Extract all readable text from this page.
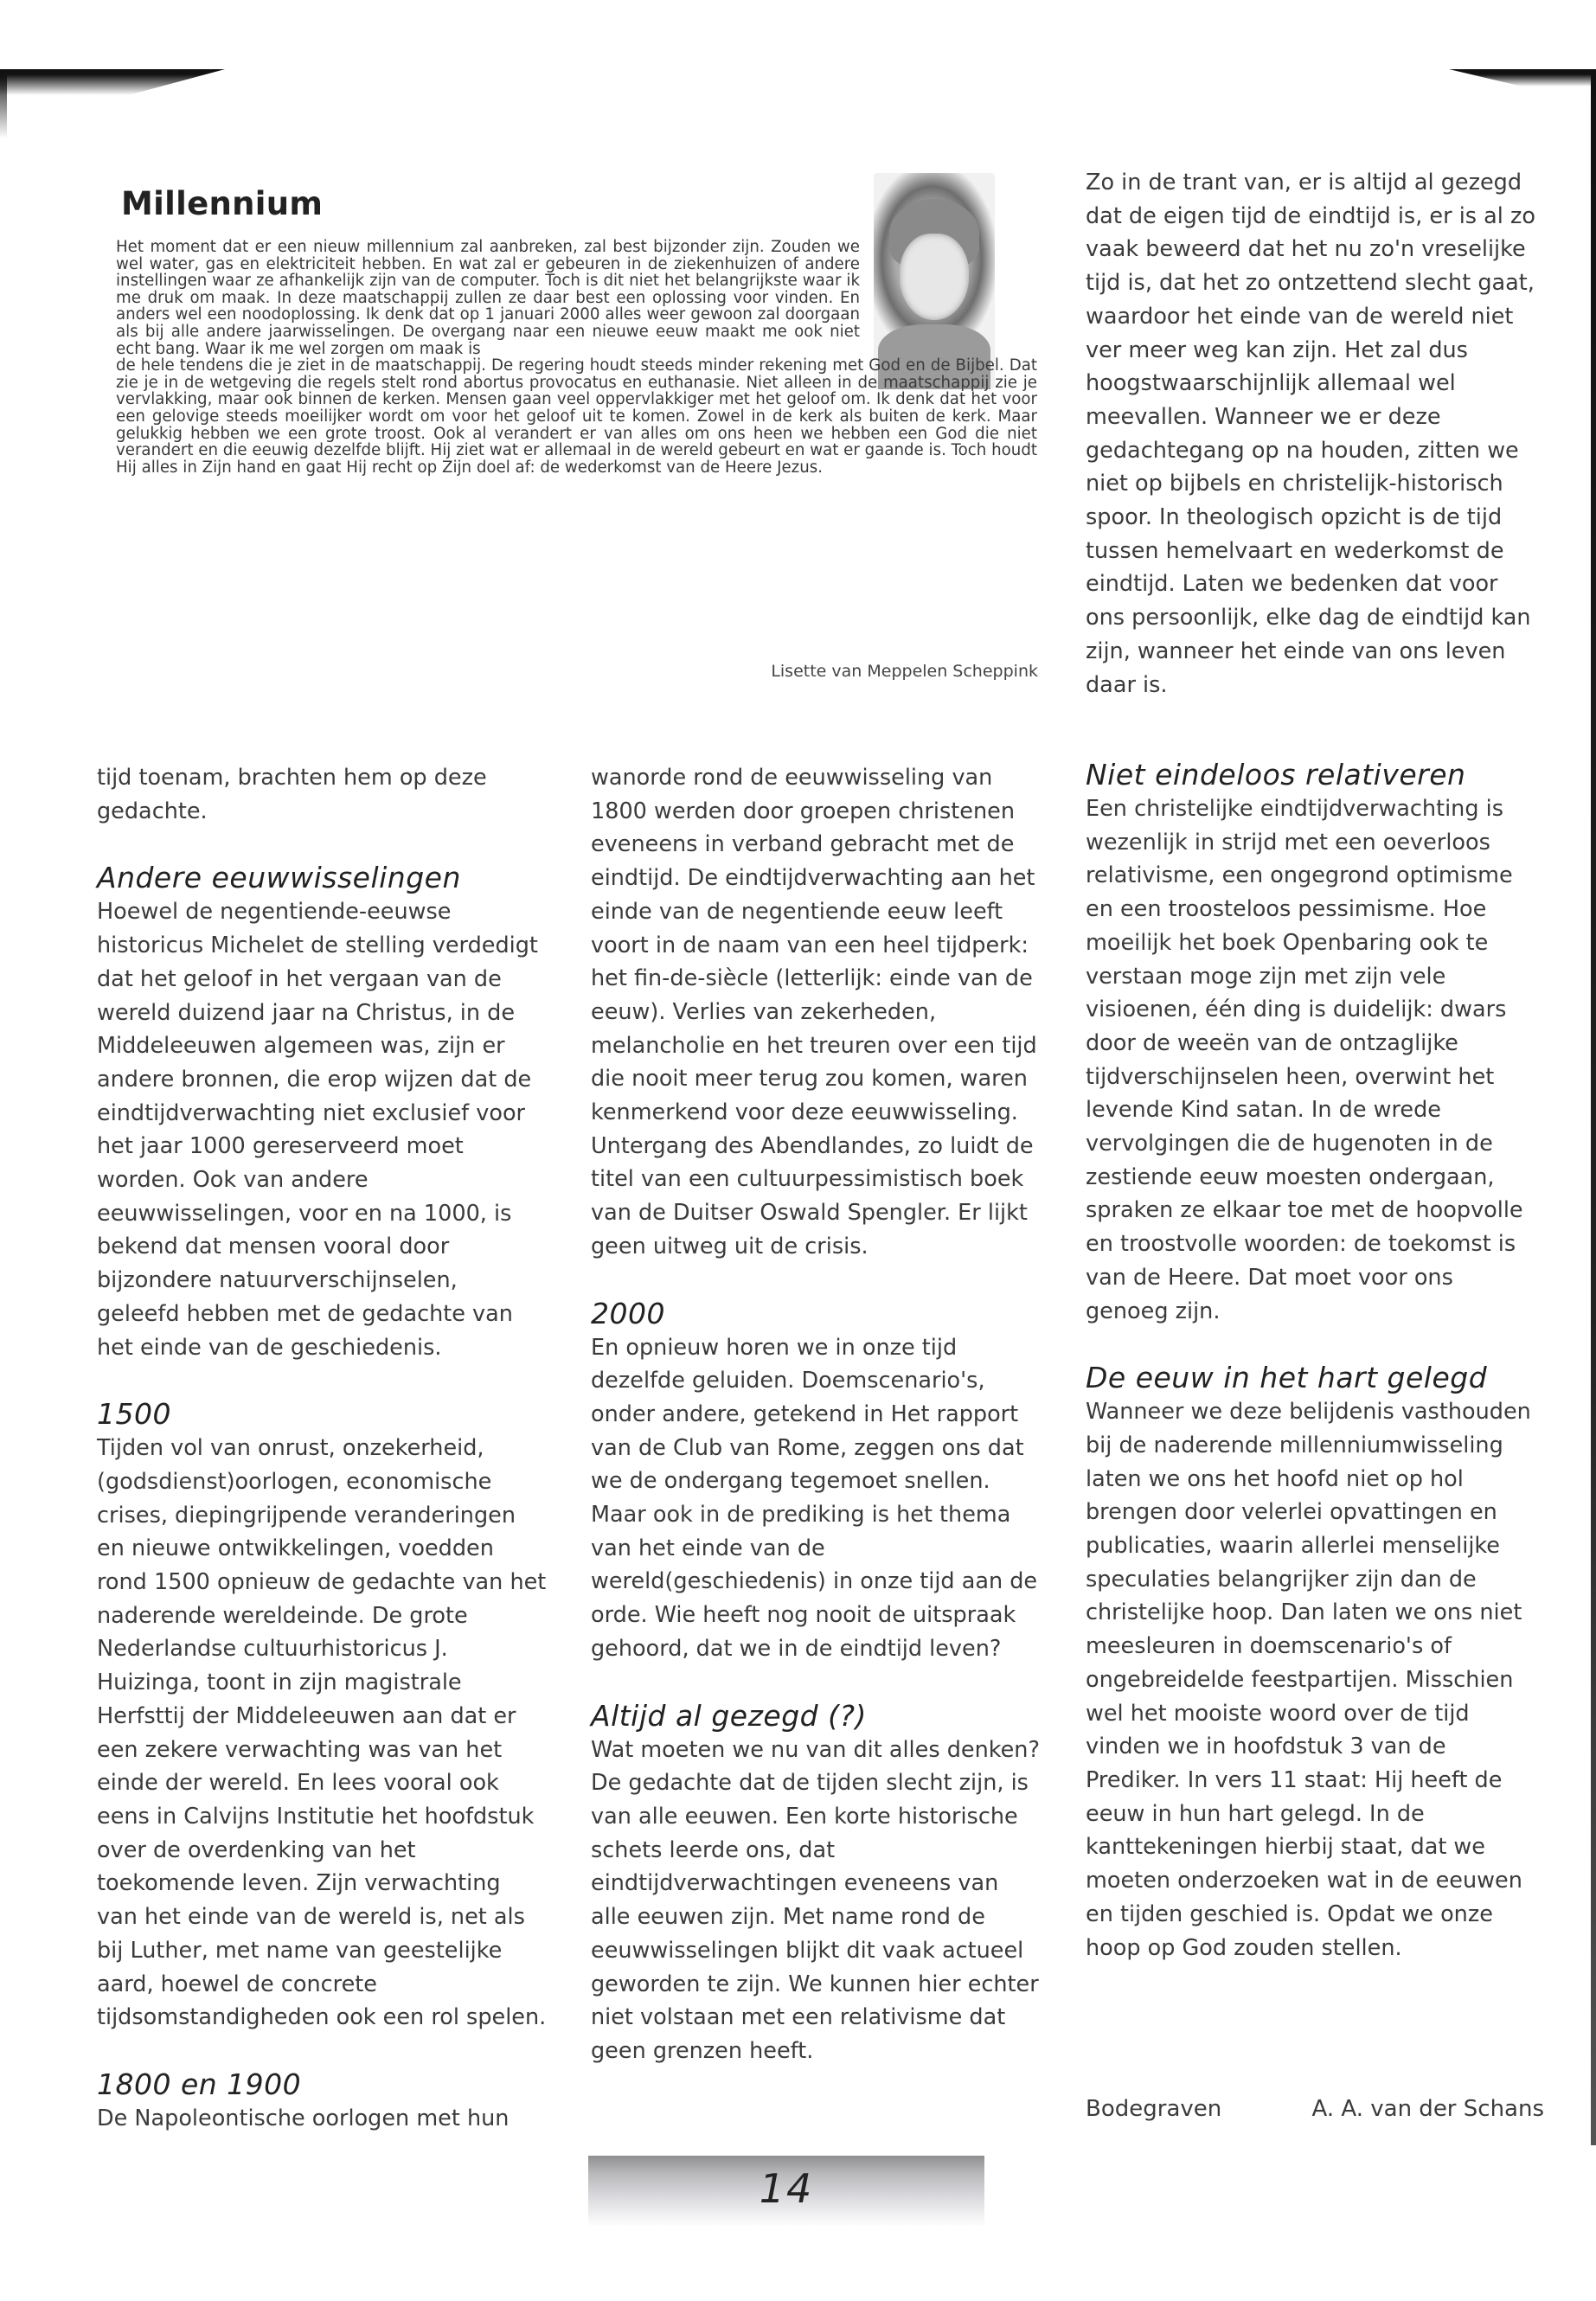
Millennium
Het moment dat er een nieuw millennium zal aanbreken, zal best bijzonder zijn. Zouden we wel water, gas en elektriciteit hebben. En wat zal er gebeuren in de ziekenhuizen of andere instellingen waar ze afhankelijk zijn van de computer. Toch is dit niet het belangrijkste waar ik me druk om maak. In deze maatschappij zullen ze daar best een oplossing voor vinden. En anders wel een noodoplossing. Ik denk dat op 1 januari 2000 alles weer gewoon zal doorgaan als bij alle andere jaarwisselingen. De overgang naar een nieuwe eeuw maakt me ook niet echt bang. Waar ik me wel zorgen om maak is
de hele tendens die je ziet in de maatschappij. De regering houdt steeds minder rekening met God en de Bijbel. Dat zie je in de wetgeving die regels stelt rond abortus provocatus en euthanasie. Niet alleen in de maatschappij zie je vervlakking, maar ook binnen de kerken. Mensen gaan veel oppervlakkiger met het geloof om. Ik denk dat het voor een gelovige steeds moeilijker wordt om voor het geloof uit te komen. Zowel in de kerk als buiten de kerk. Maar gelukkig hebben we een grote troost. Ook al verandert er van alles om ons heen we hebben een God die niet verandert en die eeuwig dezelfde blijft. Hij ziet wat er allemaal in de wereld gebeurt en wat er gaande is. Toch houdt Hij alles in Zijn hand en gaat Hij recht op Zijn doel af: de wederkomst van de Heere Jezus.
Lisette van Meppelen Scheppink

tijd toenam, brachten hem op deze gedachte.

Andere eeuwwisselingen

Hoewel de negentiende-eeuwse historicus Michelet de stelling verdedigt dat het geloof in het vergaan van de wereld duizend jaar na Christus, in de Middeleeuwen algemeen was, zijn er andere bronnen, die erop wijzen dat de eindtijdverwachting niet exclusief voor het jaar 1000 gereserveerd moet worden. Ook van andere eeuwwisselingen, voor en na 1000, is bekend dat mensen vooral door bijzondere natuurverschijnselen, geleefd hebben met de gedachte van het einde van de geschiedenis.

1500

Tijden vol van onrust, onzekerheid, (godsdienst)oorlogen, economische crises, diepingrijpende veranderingen en nieuwe ontwikkelingen, voedden rond 1500 opnieuw de gedachte van het naderende wereldeinde. De grote Nederlandse cultuurhistoricus J. Huizinga, toont in zijn magistrale Herfsttij der Middeleeuwen aan dat er een zekere verwachting was van het einde der wereld. En lees vooral ook eens in Calvijns Institutie het hoofdstuk over de overdenking van het toekomende leven. Zijn verwachting van het einde van de wereld is, net als bij Luther, met name van geestelijke aard, hoewel de concrete tijdsomstandigheden ook een rol spelen.

1800 en 1900

De Napoleontische oorlogen met hun

wanorde rond de eeuwwisseling van 1800 werden door groepen christenen eveneens in verband gebracht met de eindtijd. De eindtijdverwachting aan het einde van de negentiende eeuw leeft voort in de naam van een heel tijdperk: het fin-de-siècle (letterlijk: einde van de eeuw). Verlies van zekerheden, melancholie en het treuren over een tijd die nooit meer terug zou komen, waren kenmerkend voor deze eeuwwisseling. Untergang des Abendlandes, zo luidt de titel van een cultuurpessimistisch boek van de Duitser Oswald Spengler. Er lijkt geen uitweg uit de crisis.

2000

En opnieuw horen we in onze tijd dezelfde geluiden. Doemscenario's, onder andere, getekend in Het rapport van de Club van Rome, zeggen ons dat we de ondergang tegemoet snellen. Maar ook in de prediking is het thema van het einde van de wereld(geschiedenis) in onze tijd aan de orde. Wie heeft nog nooit de uitspraak gehoord, dat we in de eindtijd leven?

Altijd al gezegd (?)

Wat moeten we nu van dit alles denken? De gedachte dat de tijden slecht zijn, is van alle eeuwen. Een korte historische schets leerde ons, dat eindtijdverwachtingen eveneens van alle eeuwen zijn. Met name rond de eeuwwisselingen blijkt dit vaak actueel geworden te zijn. We kunnen hier echter niet volstaan met een relativisme dat geen grenzen heeft.

Zo in de trant van, er is altijd al gezegd dat de eigen tijd de eindtijd is, er is al zo vaak beweerd dat het nu zo'n vreselijke tijd is, dat het zo ontzettend slecht gaat, waardoor het einde van de wereld niet ver meer weg kan zijn. Het zal dus hoogstwaarschijnlijk allemaal wel meevallen. Wanneer we er deze gedachtegang op na houden, zitten we niet op bijbels en christelijk-historisch spoor. In theologisch opzicht is de tijd tussen hemelvaart en wederkomst de eindtijd. Laten we bedenken dat voor ons persoonlijk, elke dag de eindtijd kan zijn, wanneer het einde van ons leven daar is.

Niet eindeloos relativeren

Een christelijke eindtijdverwachting is wezenlijk in strijd met een oeverloos relativisme, een ongegrond optimisme en een troosteloos pessimisme. Hoe moeilijk het boek Openbaring ook te verstaan moge zijn met zijn vele visioenen, één ding is duidelijk: dwars door de weeën van de ontzaglijke tijdverschijnselen heen, overwint het levende Kind satan. In de wrede vervolgingen die de hugenoten in de zestiende eeuw moesten ondergaan, spraken ze elkaar toe met de hoopvolle en troostvolle woorden: de toekomst is van de Heere. Dat moet voor ons genoeg zijn.

De eeuw in het hart gelegd

Wanneer we deze belijdenis vasthouden bij de naderende millenniumwisseling laten we ons het hoofd niet op hol brengen door velerlei opvattingen en publicaties, waarin allerlei menselijke speculaties belangrijker zijn dan de christelijke hoop. Dan laten we ons niet meesleuren in doemscenario's of ongebreidelde feestpartijen. Misschien wel het mooiste woord over de tijd vinden we in hoofdstuk 3 van de Prediker. In vers 11 staat: Hij heeft de eeuw in hun hart gelegd. In de kanttekeningen hierbij staat, dat we moeten onderzoeken wat in de eeuwen en tijden geschied is. Opdat we onze hoop op God zouden stellen.

Bodegraven	A. A. van der Schans
14
